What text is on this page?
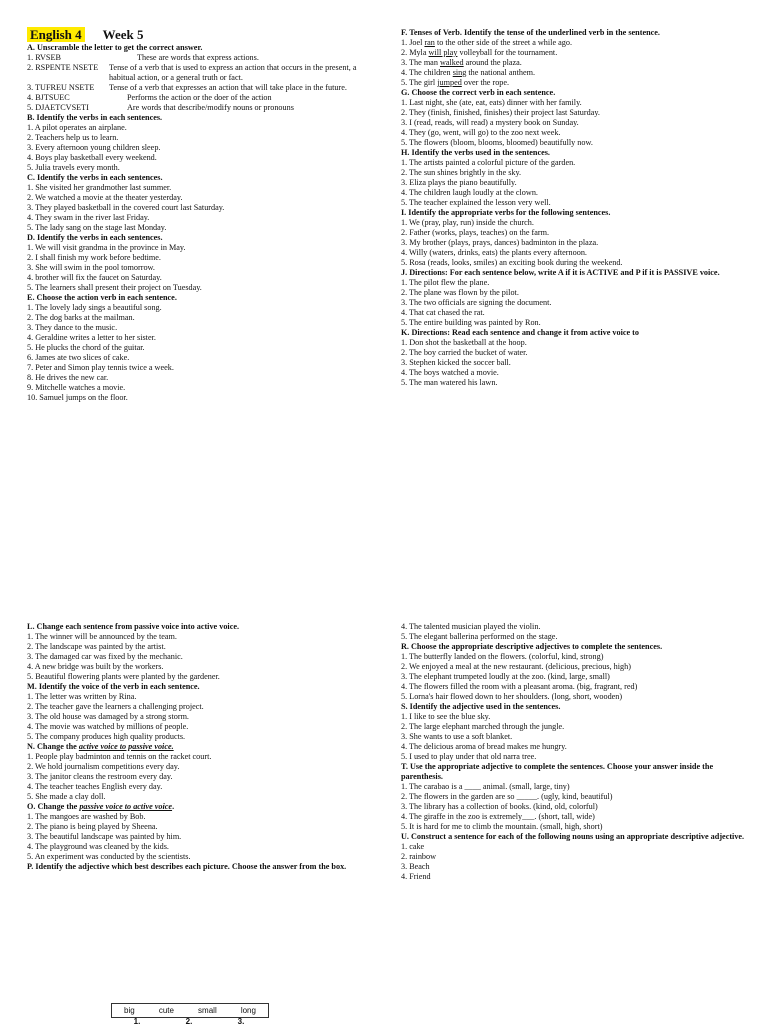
English 4 Week 5
A. Unscramble the letter to get the correct answer.
1. RVSEB	These are words that express actions.
2. RSPENTE NSETE	Tense of a verb that is used to express an action that occurs in the present, a habitual action, or a general truth or fact.
3. TUFREU NSETE	Tense of a verb that expresses an action that will take place in the future.
4. BJTSUEC	Performs the action or the doer of the action
5. DJAETCVSETI	Are words that describe/modify nouns or pronouns
B. Identify the verbs in each sentences.
1. A pilot operates an airplane.
2. Teachers help us to learn.
3. Every afternoon young children sleep.
4. Boys play basketball every weekend.
5. Julia travels every month.
C. Identify the verbs in each sentences.
1. She visited her grandmother last summer.
2. We watched a movie at the theater yesterday.
3. They played basketball in the covered court last Saturday.
4. They swam in the river last Friday.
5. The lady sang on the stage last Monday.
D. Identify the verbs in each sentences.
1. We will visit grandma in the province in May.
2. I shall finish my work before bedtime.
3. She will swim in the pool tomorrow.
4. brother will fix the faucet on Saturday.
5. The learners shall present their project on Tuesday.
E. Choose the action verb in each sentence.
1. The lovely lady sings a beautiful song.
2. The dog barks at the mailman.
3. They dance to the music.
4. Geraldine writes a letter to her sister.
5. He plucks the chord of the guitar.
6. James ate two slices of cake.
7. Peter and Simon play tennis twice a week.
8. He drives the new car.
9. Mitchelle watches a movie.
10. Samuel jumps on the floor.
F. Tenses of Verb. Identify the tense of the underlined verb in the sentence.
1. Joel ran to the other side of the street a while ago.
2. Myla will play volleyball for the tournament.
3. The man walked around the plaza.
4. The children sing the national anthem.
5. The girl jumped over the rope.
G. Choose the correct verb in each sentence.
1. Last night, she (ate, eat, eats) dinner with her family.
2. They (finish, finished, finishes) their project last Saturday.
3. I (read, reads, will read) a mystery book on Sunday.
4. They (go, went, will go) to the zoo next week.
5. The flowers (bloom, blooms, bloomed) beautifully now.
H. Identify the verbs used in the sentences.
1. The artists painted a colorful picture of the garden.
2. The sun shines brightly in the sky.
3. Eliza plays the piano beautifully.
4. The children laugh loudly at the clown.
5. The teacher explained the lesson very well.
I. Identify the appropriate verbs for the following sentences.
1. We (pray, play, run) inside the church.
2. Father (works, plays, teaches) on the farm.
3. My brother (plays, prays, dances) badminton in the plaza.
4. Willy (waters, drinks, eats) the plants every afternoon.
5. Rosa (reads, looks, smiles) an exciting book during the weekend.
J. Directions: For each sentence below, write A if it is ACTIVE and P if it is PASSIVE voice.
1. The pilot flew the plane.
2. The plane was flown by the pilot.
3. The two officials are signing the document.
4. That cat chased the rat.
5. The entire building was painted by Ron.
K. Directions: Read each sentence and change it from active voice to
1. Don shot the basketball at the hoop.
2. The boy carried the bucket of water.
3. Stephen kicked the soccer ball.
4. The boys watched a movie.
5. The man watered his lawn.
L. Change each sentence from passive voice into active voice.
1. The winner will be announced by the team.
2. The landscape was painted by the artist.
3. The damaged car was fixed by the mechanic.
4. A new bridge was built by the workers.
5. Beautiful flowering plants were planted by the gardener.
M. Identify the voice of the verb in each sentence.
1. The letter was written by Rina.
2. The teacher gave the learners a challenging project.
3. The old house was damaged by a strong storm.
4. The movie was watched by millions of people.
5. The company produces high quality products.
N. Change the active voice to passive voice.
1. People play badminton and tennis on the racket court.
2. We hold journalism competitions every day.
3. The janitor cleans the restroom every day.
4. The teacher teaches English every day.
5. She made a clay doll.
O. Change the passive voice to active voice.
1. The mangoes are washed by Bob.
2. The piano is being played by Sheena.
3. The beautiful landscape was painted by him.
4. The playground was cleaned by the kids.
5. An experiment was conducted by the scientists.
P. Identify the adjective which best describes each picture. Choose the answer from the box.
big	cute	small	long
1.	2.	3.
4. The talented musician played the violin.
5. The elegant ballerina performed on the stage.
R. Choose the appropriate descriptive adjectives to complete the sentences.
1. The butterfly landed on the flowers. (colorful, kind, strong)
2. We enjoyed a meal at the new restaurant. (delicious, precious, high)
3. The elephant trumpeted loudly at the zoo. (kind, large, small)
4. The flowers filled the room with a pleasant aroma. (big, fragrant, red)
5. Lorna's hair flowed down to her shoulders. (long, short, wooden)
S. Identify the adjective used in the sentences.
1. I like to see the blue sky.
2. The large elephant marched through the jungle.
3. She wants to use a soft blanket.
4. The delicious aroma of bread makes me hungry.
5. I used to play under that old narra tree.
T. Use the appropriate adjective to complete the sentences. Choose your answer inside the parenthesis.
1. The carabao is a ____ animal. (small, large, tiny)
2. The flowers in the garden are so _____. (ugly, kind, beautiful)
3. The library has a collection of books. (kind, old, colorful)
4. The giraffe in the zoo is extremely___. (short, tall, wide)
5. It is hard for me to climb the mountain. (small, high, short)
U. Construct a sentence for each of the following nouns using an appropriate descriptive adjective.
1. cake
2. rainbow
3. Beach
4. Friend
